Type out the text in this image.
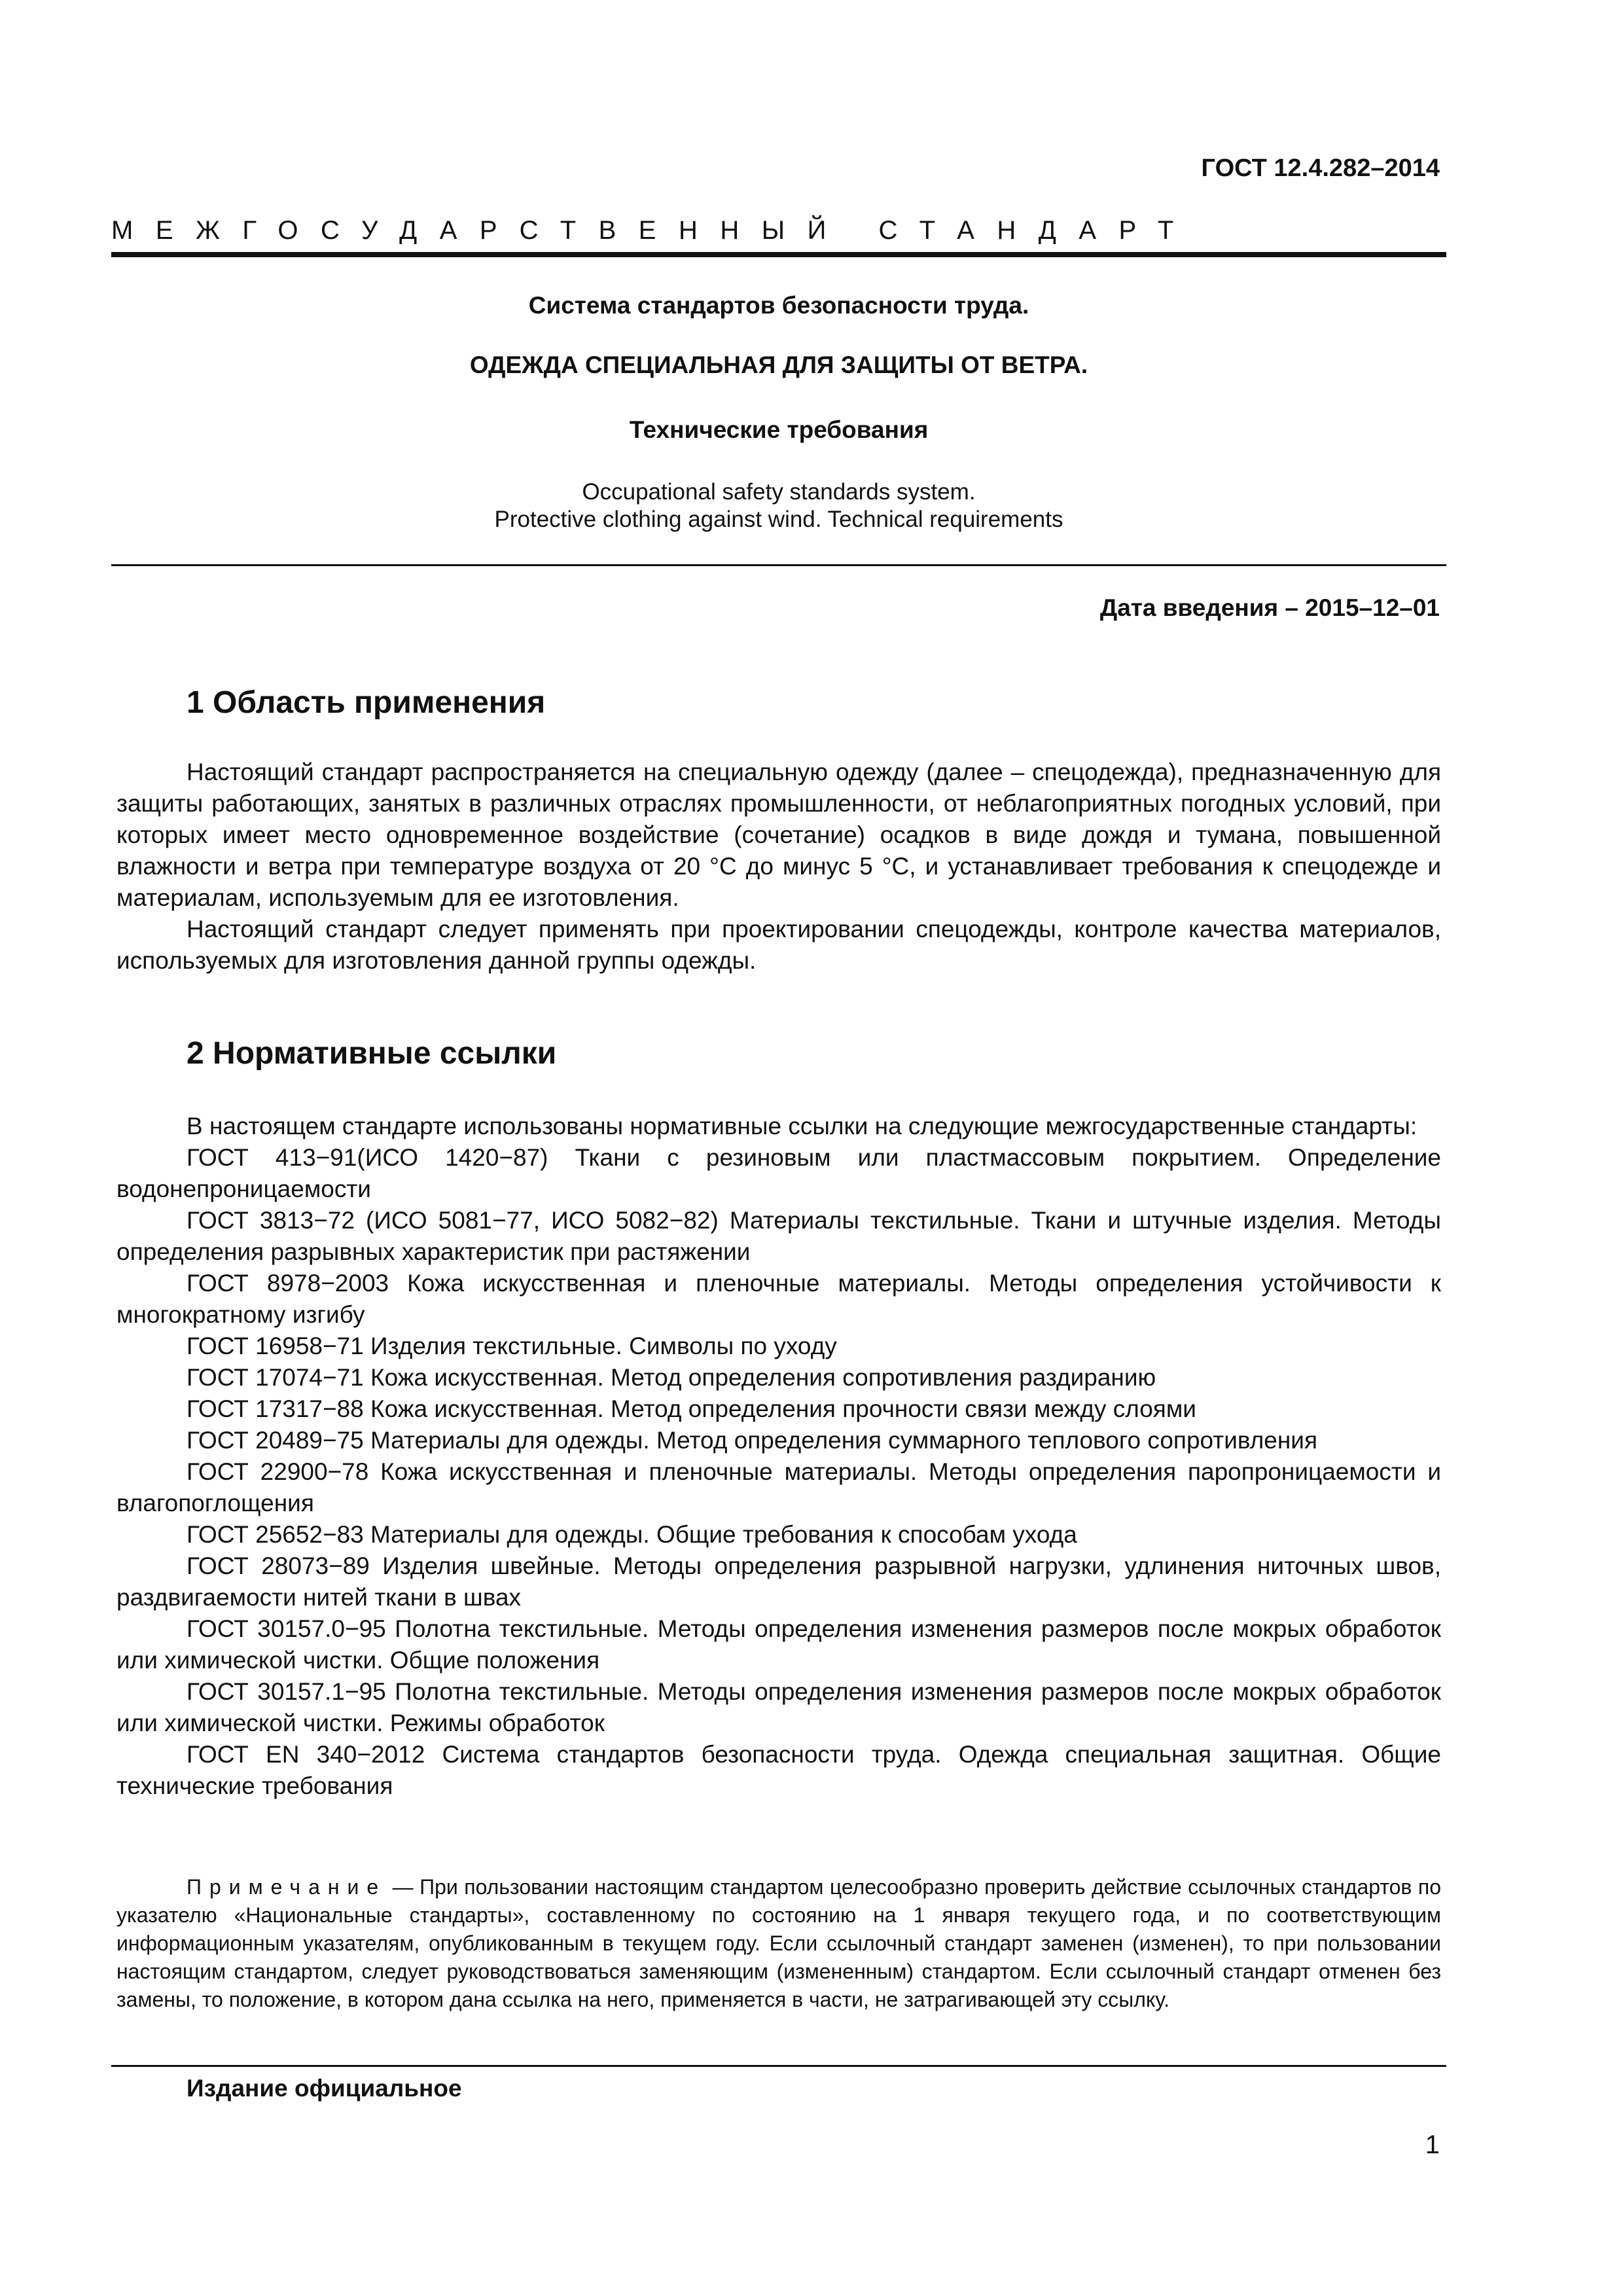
ГОСТ 12.4.282–2014
МЕЖГОСУДАРСТВЕННЫЙ СТАНДАРТ
Система стандартов безопасности труда.
ОДЕЖДА СПЕЦИАЛЬНАЯ ДЛЯ ЗАЩИТЫ ОТ ВЕТРА.
Технические требования
Occupational safety standards system.
Protective clothing against wind. Technical requirements
Дата введения – 2015–12–01
1 Область применения

Настоящий стандарт распространяется на специальную одежду (далее – спецодежда), предназначенную для защиты работающих, занятых в различных отраслях промышленности, от неблагоприятных погодных условий, при которых имеет место одновременное воздействие (сочетание) осадков в виде дождя и тумана, повышенной влажности и ветра при температуре воздуха от 20 °С до минус 5 °С, и устанавливает требования к спецодежде и материалам, используемым для ее изготовления.

Настоящий стандарт следует применять при проектировании спецодежды, контроле качества материалов, используемых для изготовления данной группы одежды.

2 Нормативные ссылки

В настоящем стандарте использованы нормативные ссылки на следующие межгосударственные стандарты:

ГОСТ 413−91(ИСО 1420−87) Ткани с резиновым или пластмассовым покрытием. Определение водонепроницаемости

ГОСТ 3813−72 (ИСО 5081−77, ИСО 5082−82) Материалы текстильные. Ткани и штучные изделия. Методы определения разрывных характеристик при растяжении

ГОСТ 8978−2003 Кожа искусственная и пленочные материалы. Методы определения устойчивости к многократному изгибу

ГОСТ 16958−71 Изделия текстильные. Символы по уходу

ГОСТ 17074−71 Кожа искусственная. Метод определения сопротивления раздиранию

ГОСТ 17317−88 Кожа искусственная. Метод определения прочности связи между слоями

ГОСТ 20489−75 Материалы для одежды. Метод определения суммарного теплового сопротивления

ГОСТ 22900−78 Кожа искусственная и пленочные материалы. Методы определения паропроницаемости и влагопоглощения

ГОСТ 25652−83 Материалы для одежды. Общие требования к способам ухода

ГОСТ 28073−89 Изделия швейные. Методы определения разрывной нагрузки, удлинения ниточных швов, раздвигаемости нитей ткани в швах

ГОСТ 30157.0−95 Полотна текстильные. Методы определения изменения размеров после мокрых обработок или химической чистки. Общие положения

ГОСТ 30157.1−95 Полотна текстильные. Методы определения изменения размеров после мокрых обработок или химической чистки. Режимы обработок

ГОСТ EN 340−2012 Система стандартов безопасности труда. Одежда специальная защитная. Общие технические требования

Примечание — При пользовании настоящим стандартом целесообразно проверить действие ссылочных стандартов по указателю «Национальные стандарты», составленному по состоянию на 1 января текущего года, и по соответствующим информационным указателям, опубликованным в текущем году. Если ссылочный стандарт заменен (изменен), то при пользовании настоящим стандартом, следует руководствоваться заменяющим (измененным) стандартом. Если ссылочный стандарт отменен без замены, то положение, в котором дана ссылка на него, применяется в части, не затрагивающей эту ссылку.
Издание официальное
1
